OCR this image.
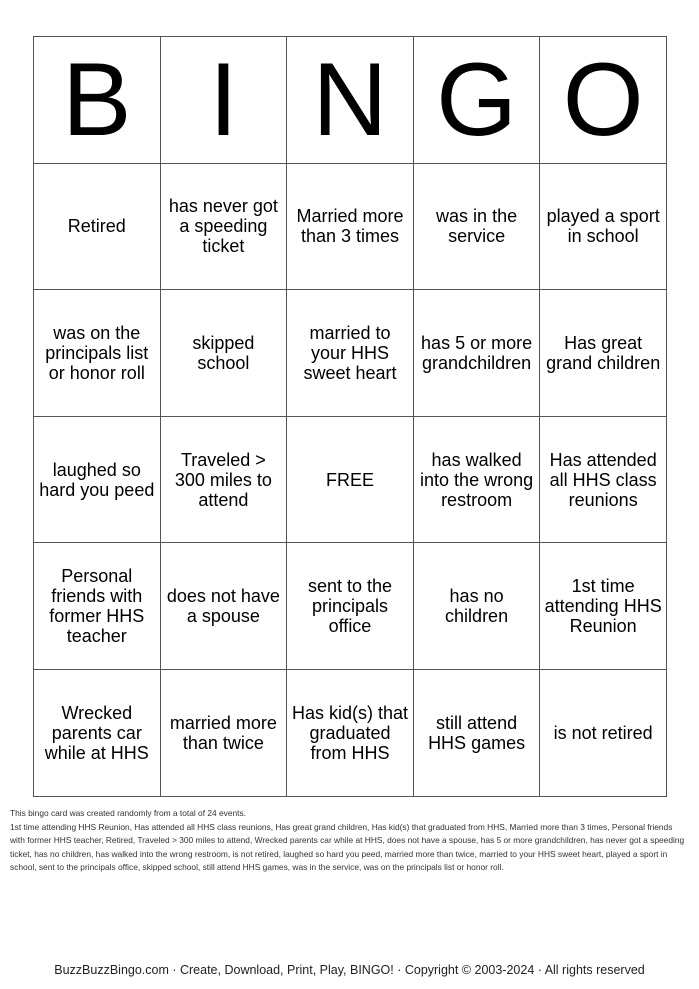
B	I	N	G	O
Retired	has never got a speeding ticket	Married more than 3 times	was in the service	played a sport in school
was on the principals list or honor roll	skipped school	married to your HHS sweet heart	has 5 or more grandchildren	Has great grand children
laughed so hard you peed	Traveled > 300 miles to attend	FREE	has walked into the wrong restroom	Has attended all HHS class reunions
Personal friends with former HHS teacher	does not have a spouse	sent to the principals office	has no children	1st time attending HHS Reunion
Wrecked parents car while at HHS	married more than twice	Has kid(s) that graduated from HHS	still attend HHS games	is not retired

This bingo card was created randomly from a total of 24 events.

1st time attending HHS Reunion, Has attended all HHS class reunions, Has great grand children, Has kid(s) that graduated from HHS, Married more than 3 times, Personal friends with former HHS teacher, Retired, Traveled > 300 miles to attend, Wrecked parents car while at HHS, does not have a spouse, has 5 or more grandchildren, has never got a speeding ticket, has no children, has walked into the wrong restroom, is not retired, laughed so hard you peed, married more than twice, married to your HHS sweet heart, played a sport in school, sent to the principals office, skipped school, still attend HHS games, was in the service, was on the principals list or honor roll.

BuzzBuzzBingo.com · Create, Download, Print, Play, BINGO! · Copyright © 2003-2024 · All rights reserved
